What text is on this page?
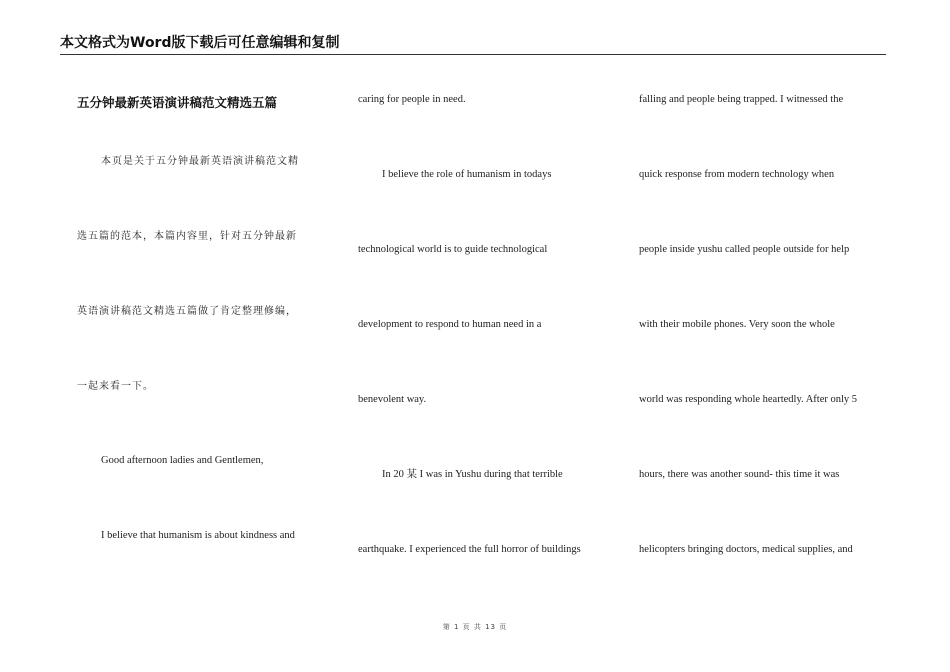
本文格式为Word版下载后可任意编辑和复制
五分钟最新英语演讲稿范文精选五篇
本页是关于五分钟最新英语演讲稿范文精
选五篇的范本，本篇内容里，针对五分钟最新
英语演讲稿范文精选五篇做了肯定整理修编，
一起来看一下。
Good afternoon ladies and Gentlemen,
I believe that humanism is about kindness and
caring for people in need.
I believe the role of humanism in todays
technological world is to guide technological
development to respond to human need in a
benevolent way.
In 20 某 I was in Yushu during that terrible
earthquake. I experienced the full horror of buildings
falling and people being trapped. I witnessed the
quick response from modern technology when
people inside yushu called people outside for help
with their mobile phones. Very soon the whole
world was responding whole heartedly. After only 5
hours, there was another sound- this time it was
helicopters bringing doctors, medical supplies, and
第 1 页 共 13 页
